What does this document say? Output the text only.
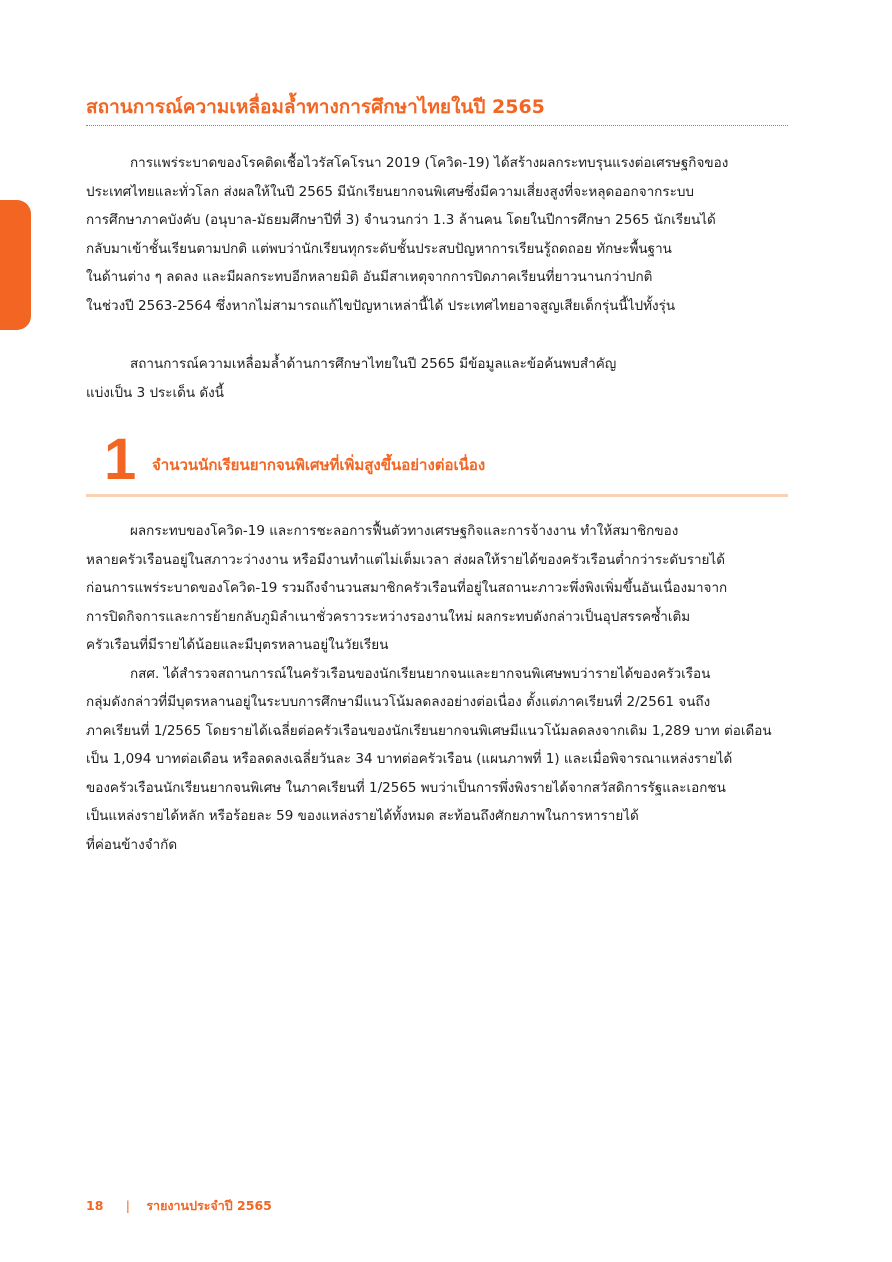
สถานการณ์ความเหลื่อมล้ำทางการศึกษาไทยในปี 2565
การแพร่ระบาดของโรคติดเชื้อไวรัสโคโรนา 2019 (โควิด-19) ได้สร้างผลกระทบรุนแรงต่อเศรษฐกิจของ
ประเทศไทยและทั่วโลก ส่งผลให้ในปี 2565 มีนักเรียนยากจนพิเศษซึ่งมีความเสี่ยงสูงที่จะหลุดออกจากระบบ
การศึกษาภาคบังคับ (อนุบาล-มัธยมศึกษาปีที่ 3) จำนวนกว่า 1.3 ล้านคน โดยในปีการศึกษา 2565 นักเรียนได้
กลับมาเข้าชั้นเรียนตามปกติ แต่พบว่านักเรียนทุกระดับชั้นประสบปัญหาการเรียนรู้ถดถอย ทักษะพื้นฐาน
ในด้านต่าง ๆ ลดลง และมีผลกระทบอีกหลายมิติ อันมีสาเหตุจากการปิดภาคเรียนที่ยาวนานกว่าปกติ
ในช่วงปี 2563-2564 ซึ่งหากไม่สามารถแก้ไขปัญหาเหล่านี้ได้ ประเทศไทยอาจสูญเสียเด็กรุ่นนี้ไปทั้งรุ่น
สถานการณ์ความเหลื่อมล้ำด้านการศึกษาไทยในปี 2565 มีข้อมูลและข้อค้นพบสำคัญ
แบ่งเป็น 3 ประเด็น ดังนี้
1 จำนวนนักเรียนยากจนพิเศษที่เพิ่มสูงขึ้นอย่างต่อเนื่อง
ผลกระทบของโควิด-19 และการชะลอการฟื้นตัวทางเศรษฐกิจและการจ้างงาน ทำให้สมาชิกของ
หลายครัวเรือนอยู่ในสภาวะว่างงาน หรือมีงานทำแต่ไม่เต็มเวลา ส่งผลให้รายได้ของครัวเรือนต่ำกว่าระดับรายได้
ก่อนการแพร่ระบาดของโควิด-19 รวมถึงจำนวนสมาชิกครัวเรือนที่อยู่ในสถานะภาวะพึ่งพิงเพิ่มขึ้นอันเนื่องมาจาก
การปิดกิจการและการย้ายกลับภูมิลำเนาชั่วคราวระหว่างรองานใหม่ ผลกระทบดังกล่าวเป็นอุปสรรคซ้ำเติม
ครัวเรือนที่มีรายได้น้อยและมีบุตรหลานอยู่ในวัยเรียน
กสศ. ได้สำรวจสถานการณ์ในครัวเรือนของนักเรียนยากจนและยากจนพิเศษพบว่ารายได้ของครัวเรือน
กลุ่มดังกล่าวที่มีบุตรหลานอยู่ในระบบการศึกษามีแนวโน้มลดลงอย่างต่อเนื่อง ตั้งแต่ภาคเรียนที่ 2/2561 จนถึง
ภาคเรียนที่ 1/2565 โดยรายได้เฉลี่ยต่อครัวเรือนของนักเรียนยากจนพิเศษมีแนวโน้มลดลงจากเดิม 1,289 บาท ต่อเดือน
เป็น 1,094 บาทต่อเดือน หรือลดลงเฉลี่ยวันละ 34 บาทต่อครัวเรือน (แผนภาพที่ 1) และเมื่อพิจารณาแหล่งรายได้
ของครัวเรือนนักเรียนยากจนพิเศษ ในภาคเรียนที่ 1/2565 พบว่าเป็นการพึ่งพิงรายได้จากสวัสดิการรัฐและเอกชน
เป็นแหล่งรายได้หลัก หรือร้อยละ 59 ของแหล่งรายได้ทั้งหมด สะท้อนถึงศักยภาพในการหารายได้
ที่ค่อนข้างจำกัด
18 | รายงานประจำปี 2565
